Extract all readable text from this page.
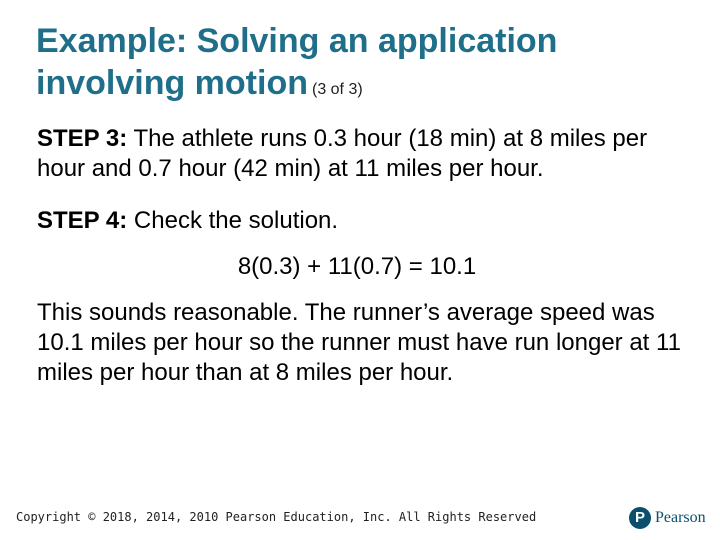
Example: Solving an application
involving motion (3 of 3)

STEP 3: The athlete runs 0.3 hour (18 min) at 8 miles per hour and 0.7 hour (42 min) at 11 miles per hour.

STEP 4: Check the solution.

8(0.3) + 11(0.7) = 10.1

This sounds reasonable. The runner’s average speed was 10.1 miles per hour so the runner must have run longer at 11 miles per hour than at 8 miles per hour.

Copyright © 2018, 2014, 2010 Pearson Education, Inc. All Rights Reserved	P Pearson
